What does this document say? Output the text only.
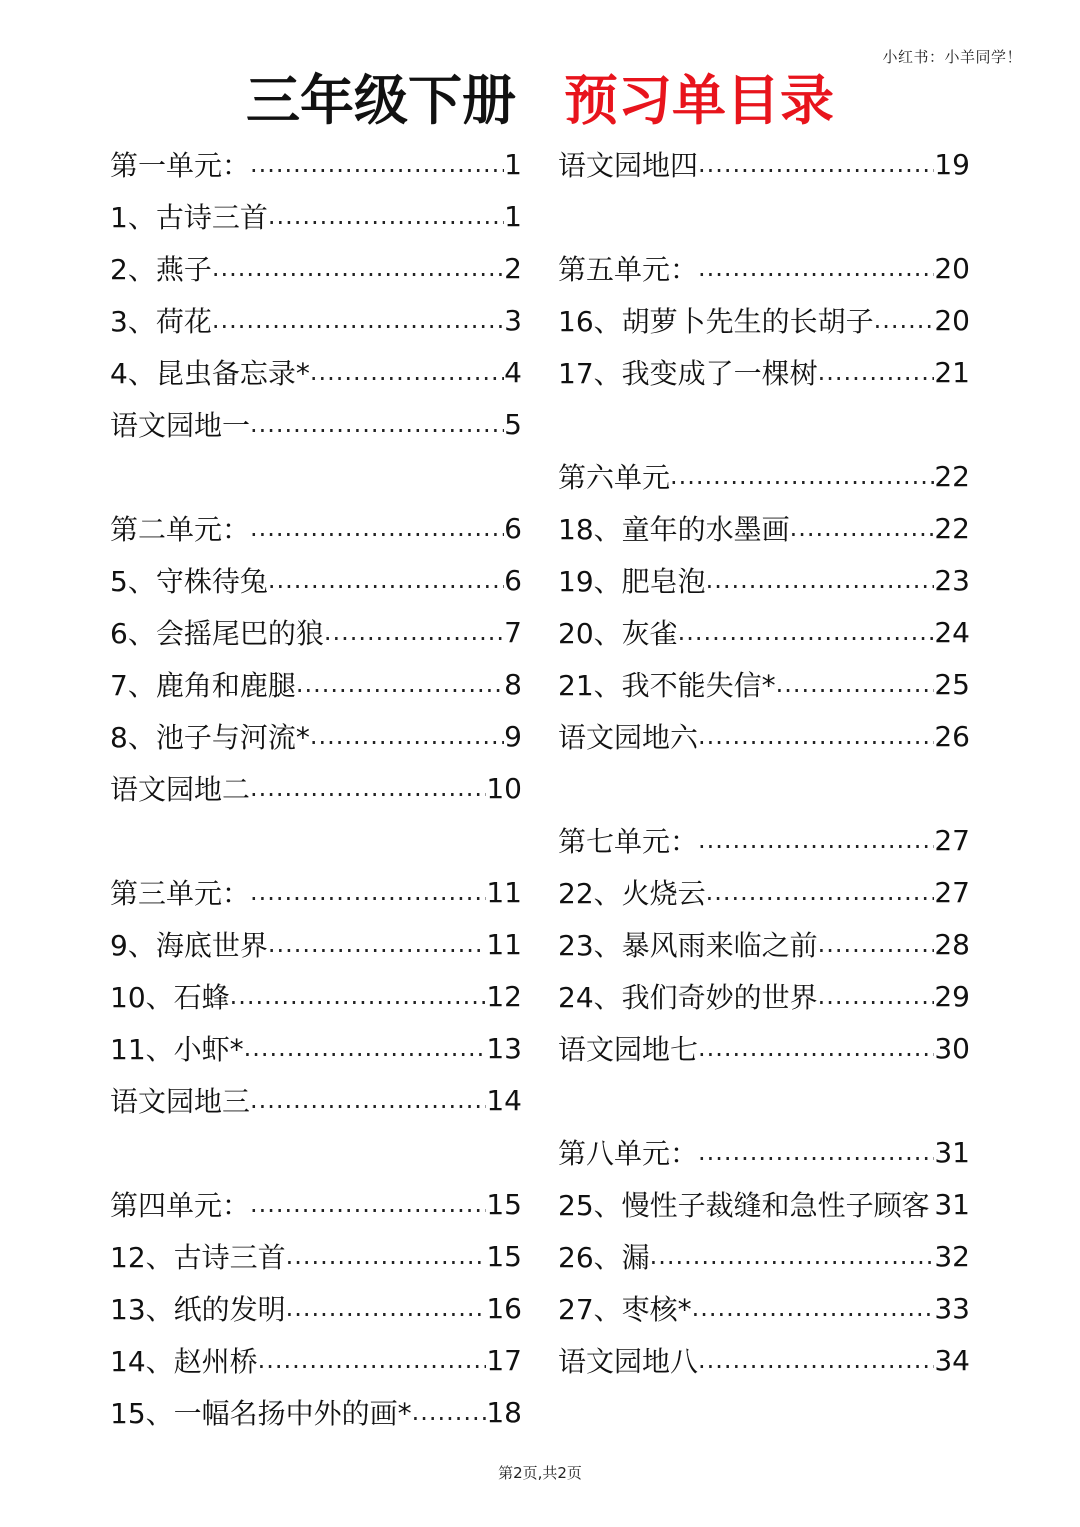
小红书：小羊同学！
三年级下册 预习单目录
第一单元： .....	1
1、古诗三首 .....	1
2、燕子 .....	2
3、荷花 .....	3
4、昆虫备忘录* .....	4
语文园地一 .....	5
第二单元： .....	6
5、守株待兔 .....	6
6、会摇尾巴的狼 .....	7
7、鹿角和鹿腿 .....	8
8、池子与河流* .....	9
语文园地二 .....	10
第三单元： .....	11
9、海底世界 .....	11
10、石蜂 .....	12
11、小虾* .....	13
语文园地三 .....	14
第四单元： .....	15
12、古诗三首 .....	15
13、纸的发明 .....	16
14、赵州桥 .....	17
15、一幅名扬中外的画* .....	18
语文园地四 .....	19
第五单元： .....	20
16、胡萝卜先生的长胡子 ..... 20
17、我变成了一棵树 .....	21
第六单元 .....	22
18、童年的水墨画 .....	22
19、肥皂泡 .....	23
20、灰雀 .....	24
21、我不能失信* .....	25
语文园地六 .....	26
第七单元： .....	27
22、火烧云 .....	27
23、暴风雨来临之前 .....	28
24、我们奇妙的世界 .....	29
语文园地七 .....	30
第八单元： .....	31
25、慢性子裁缝和急性子顾客 31
26、漏 .....	32
27、枣核* .....	33
语文园地八 .....	34
第2页,共2页
